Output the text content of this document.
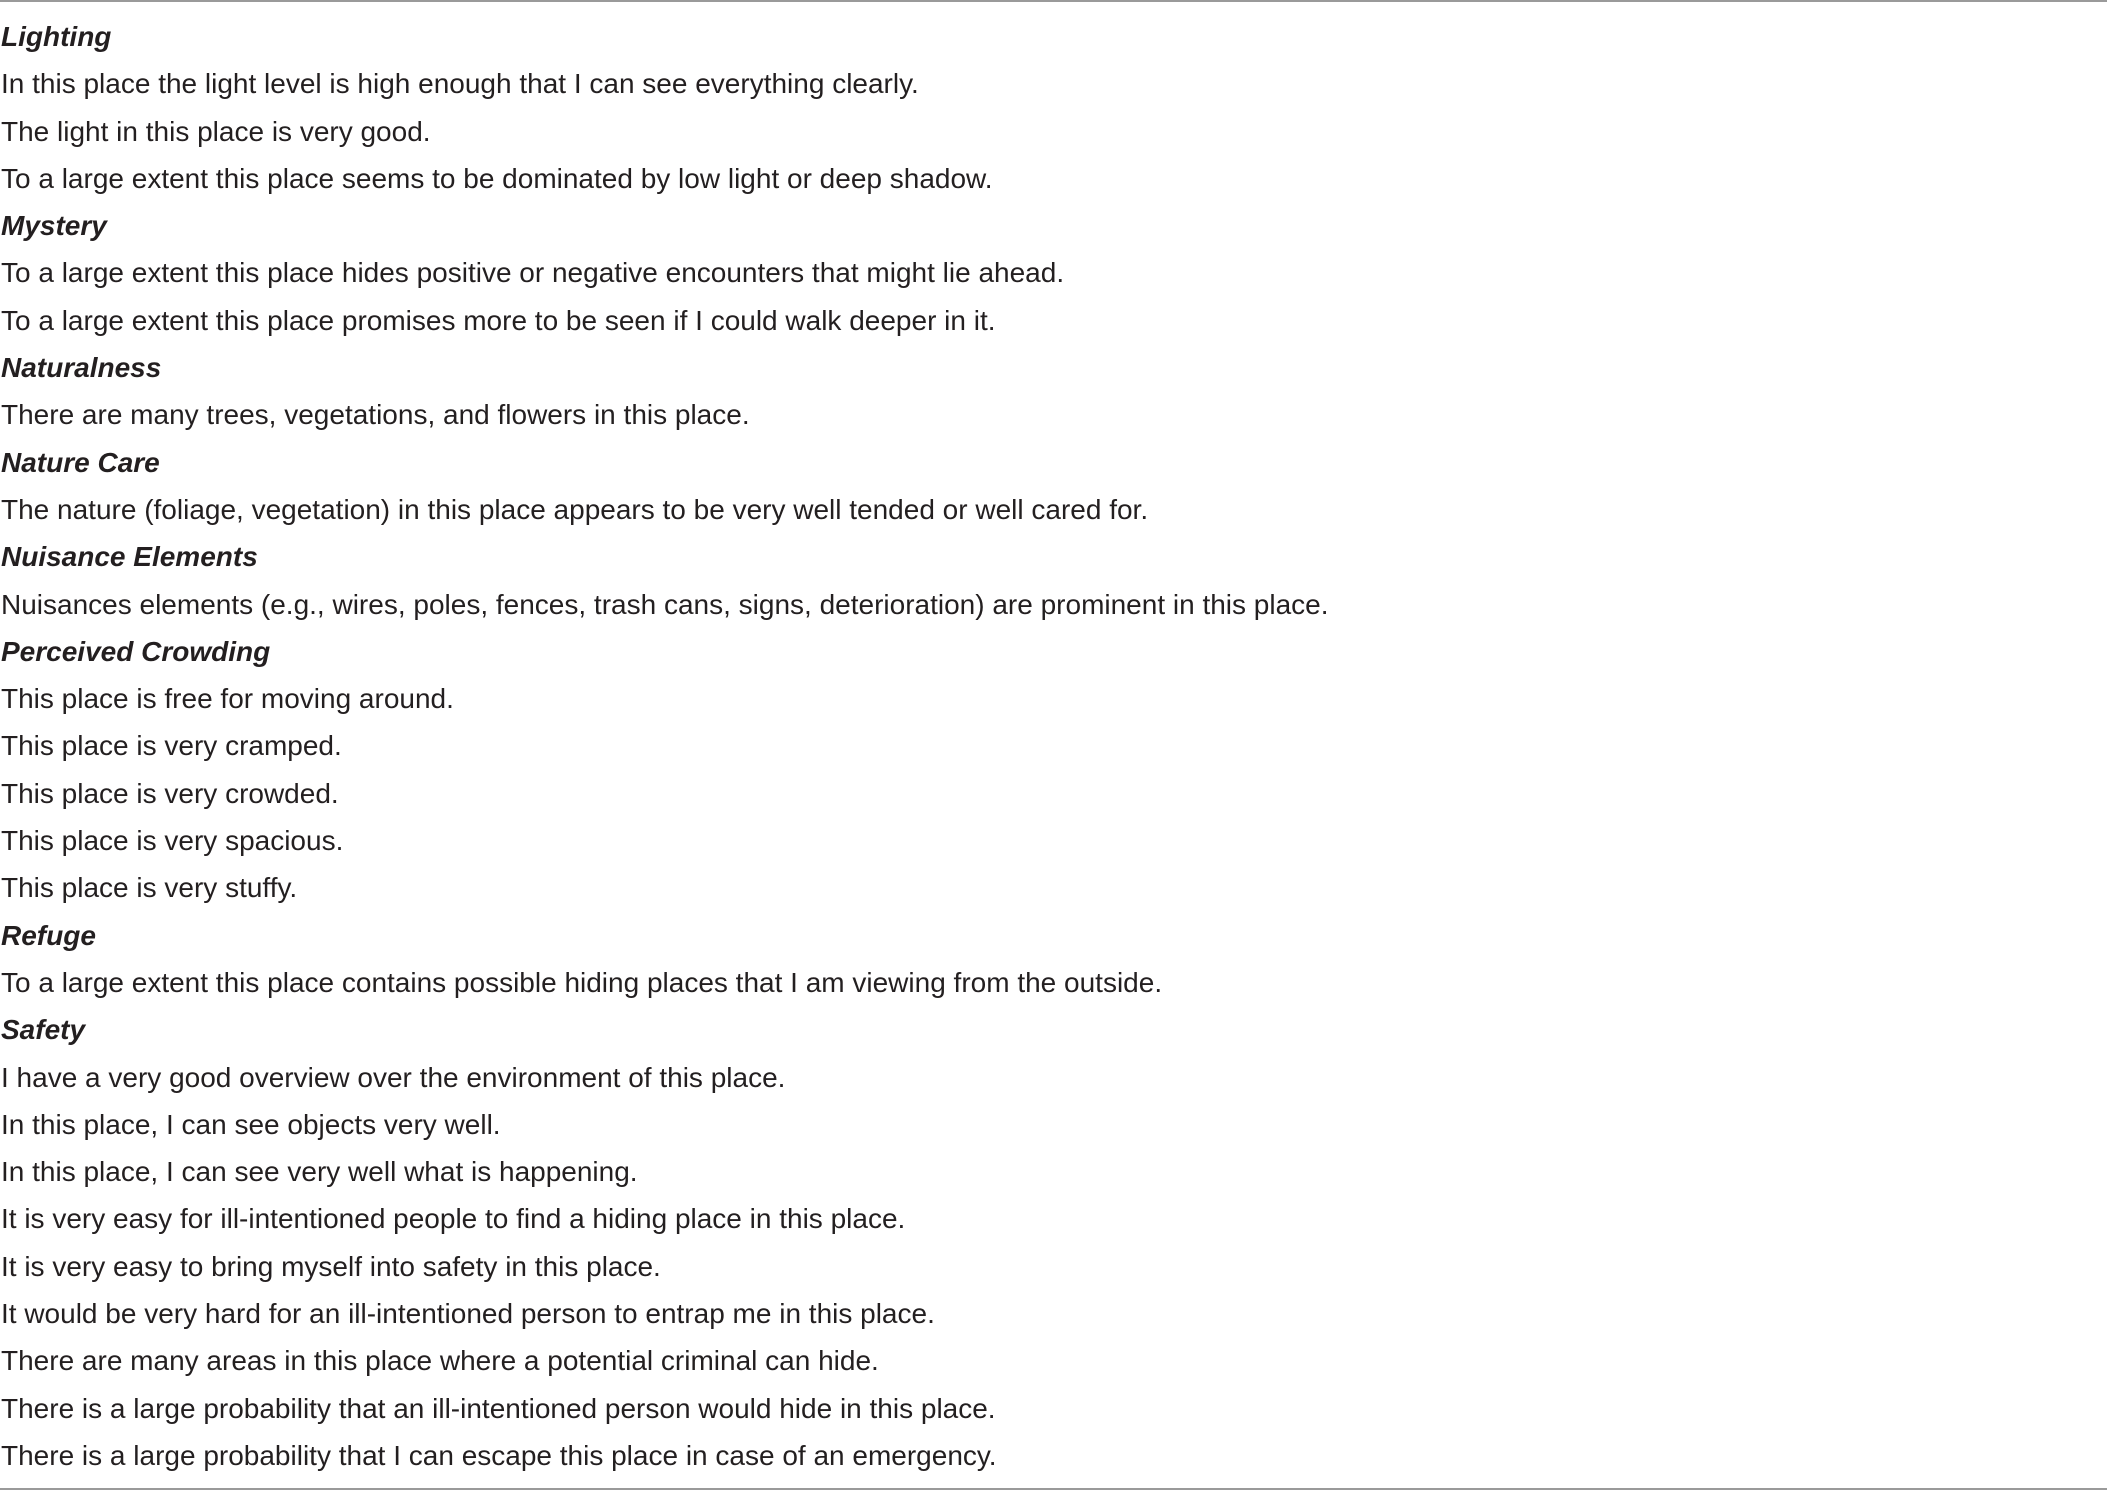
Lighting
In this place the light level is high enough that I can see everything clearly.
The light in this place is very good.
To a large extent this place seems to be dominated by low light or deep shadow.
Mystery
To a large extent this place hides positive or negative encounters that might lie ahead.
To a large extent this place promises more to be seen if I could walk deeper in it.
Naturalness
There are many trees, vegetations, and flowers in this place.
Nature Care
The nature (foliage, vegetation) in this place appears to be very well tended or well cared for.
Nuisance Elements
Nuisances elements (e.g., wires, poles, fences, trash cans, signs, deterioration) are prominent in this place.
Perceived Crowding
This place is free for moving around.
This place is very cramped.
This place is very crowded.
This place is very spacious.
This place is very stuffy.
Refuge
To a large extent this place contains possible hiding places that I am viewing from the outside.
Safety
I have a very good overview over the environment of this place.
In this place, I can see objects very well.
In this place, I can see very well what is happening.
It is very easy for ill-intentioned people to find a hiding place in this place.
It is very easy to bring myself into safety in this place.
It would be very hard for an ill-intentioned person to entrap me in this place.
There are many areas in this place where a potential criminal can hide.
There is a large probability that an ill-intentioned person would hide in this place.
There is a large probability that I can escape this place in case of an emergency.
